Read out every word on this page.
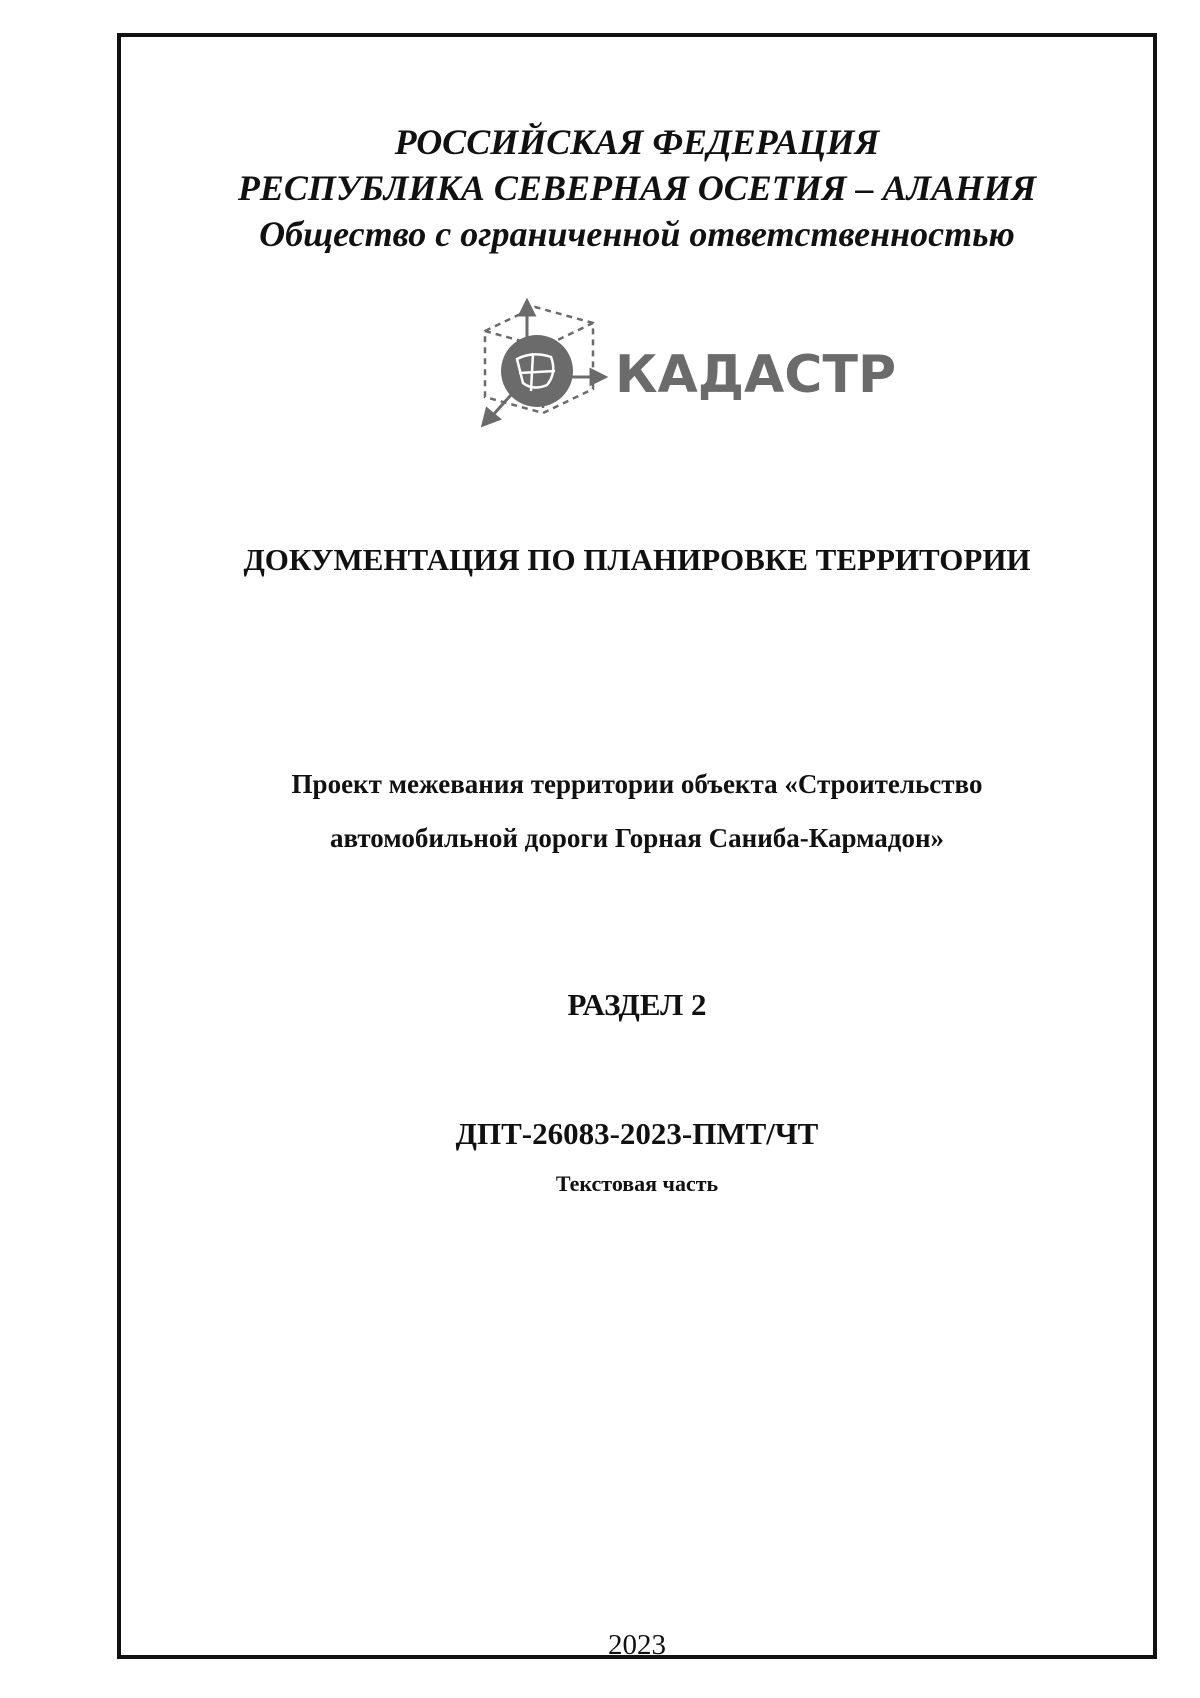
РОССИЙСКАЯ ФЕДЕРАЦИЯ
РЕСПУБЛИКА СЕВЕРНАЯ ОСЕТИЯ – АЛАНИЯ
Общество с ограниченной ответственностью
КАДАСТР
ДОКУМЕНТАЦИЯ ПО ПЛАНИРОВКЕ ТЕРРИТОРИИ
Проект межевания территории объекта «Строительство
автомобильной дороги Горная Саниба-Кармадон»
РАЗДЕЛ 2
ДПТ-26083-2023-ПМТ/ЧТ
Текстовая часть
2023
